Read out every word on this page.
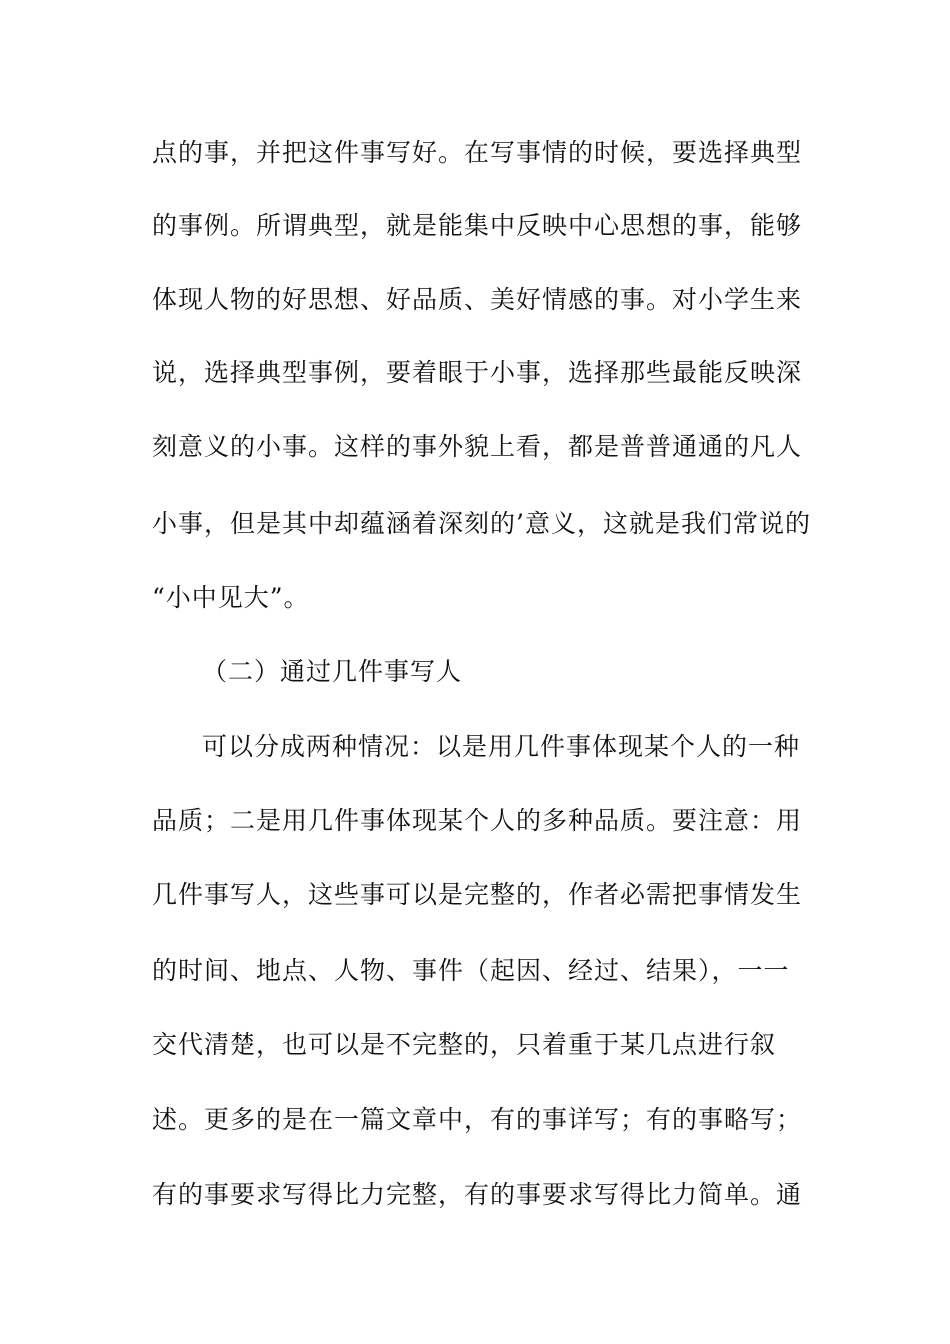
点的事，并把这件事写好。在写事情的时候，要选择典型
的事例。所谓典型，就是能集中反映中心思想的事，能够
体现人物的好思想、好品质、美好情感的事。对小学生来
说，选择典型事例，要着眼于小事，选择那些最能反映深
刻意义的小事。这样的事外貌上看，都是普普通通的凡人
小事，但是其中却蕴涵着深刻的’意义，这就是我们常说的
“小中见大”。
（二）通过几件事写人
可以分成两种情况：以是用几件事体现某个人的一种
品质；二是用几件事体现某个人的多种品质。要注意：用
几件事写人，这些事可以是完整的，作者必需把事情发生
的时间、地点、人物、事件（起因、经过、结果），一一
交代清楚，也可以是不完整的，只着重于某几点进行叙
述。更多的是在一篇文章中，有的事详写；有的事略写；
有的事要求写得比力完整，有的事要求写得比力简单。通
